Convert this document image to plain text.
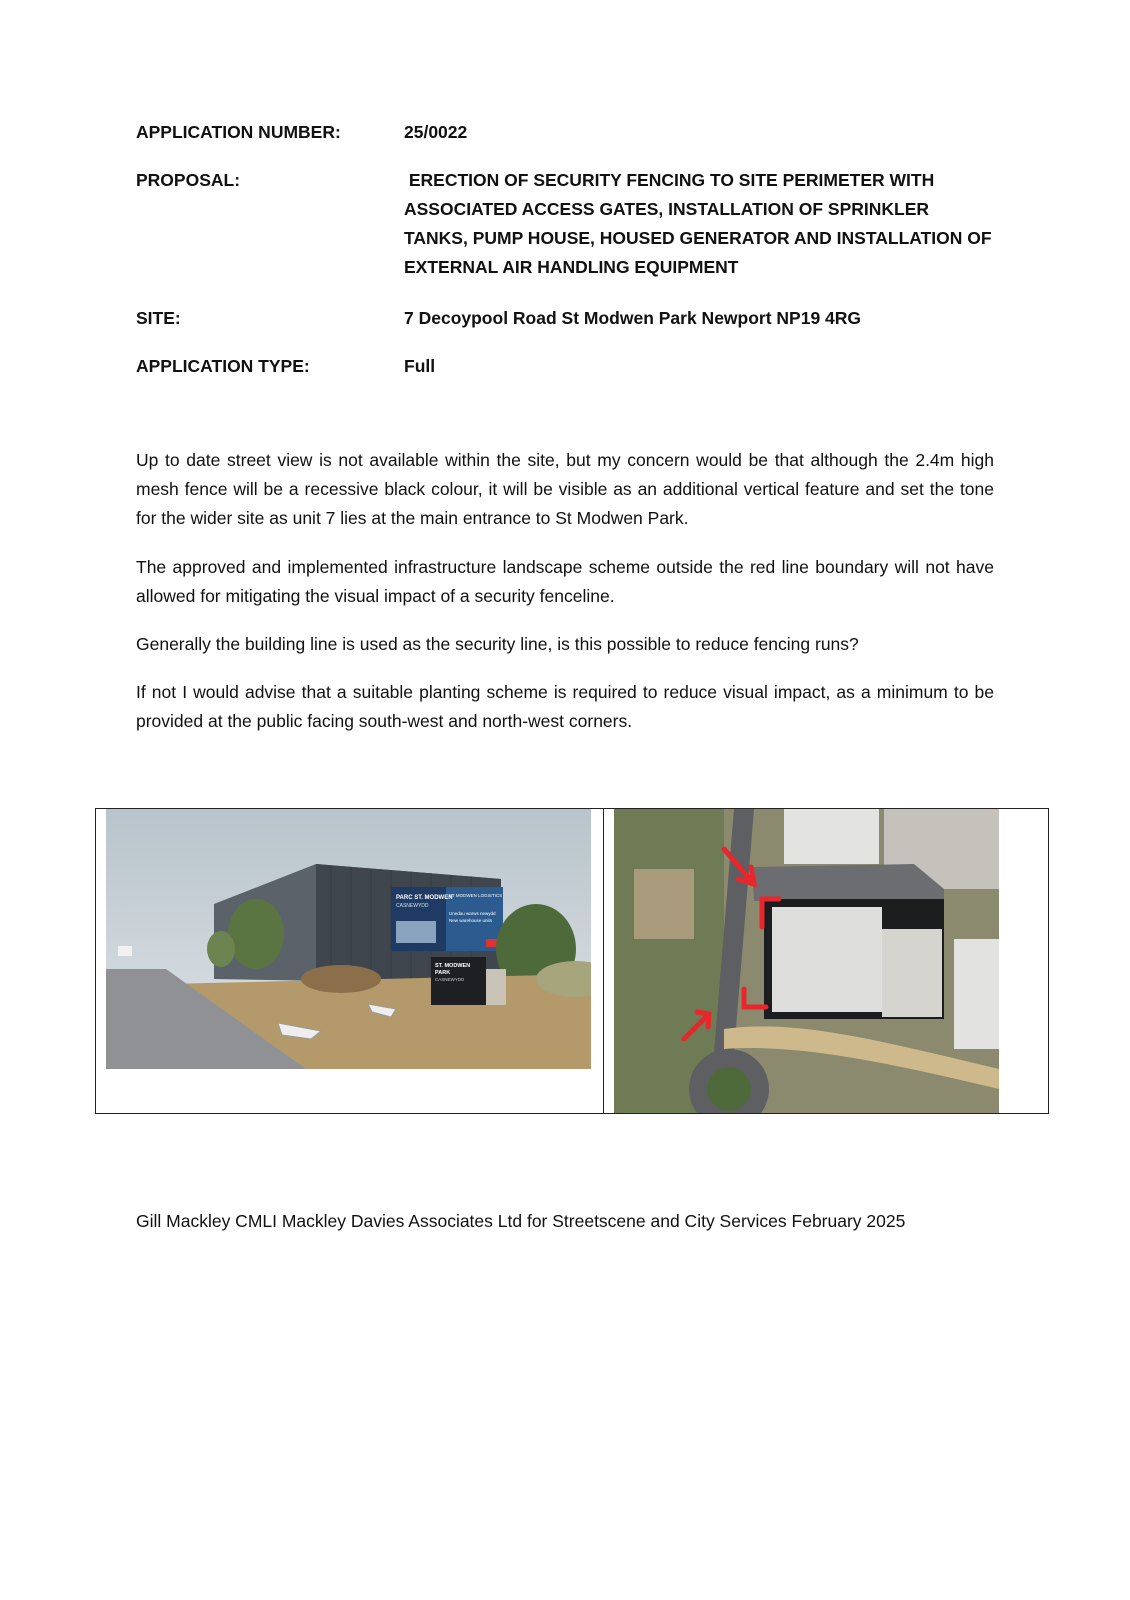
APPLICATION NUMBER:	25/0022
PROPOSAL:	ERECTION OF SECURITY FENCING TO SITE PERIMETER WITH ASSOCIATED ACCESS GATES, INSTALLATION OF SPRINKLER TANKS, PUMP HOUSE, HOUSED GENERATOR AND INSTALLATION OF EXTERNAL AIR HANDLING EQUIPMENT
SITE:	7 Decoypool Road St Modwen Park Newport NP19 4RG
APPLICATION TYPE:	Full

Up to date street view is not available within the site, but my concern would be that although the 2.4m high mesh fence will be a recessive black colour, it will be visible as an additional vertical feature and set the tone for the wider site as unit 7 lies at the main entrance to St Modwen Park.

The approved and implemented infrastructure landscape scheme outside the red line boundary will not have allowed for mitigating the visual impact of a security fenceline.

Generally the building line is used as the security line, is this possible to reduce fencing runs?

If not I would advise that a suitable planting scheme is required to reduce visual impact, as a minimum to be provided at the public facing south-west and north-west corners.

PARC ST. MODWEN
CASNEWYDD
ST MODWEN LOGISTICS
Unedau warws newydd
New warehouse units
ST. MODWEN
PARK
CASNEWYDD
Gill Mackley CMLI Mackley Davies Associates Ltd for Streetscene and City Services February 2025
